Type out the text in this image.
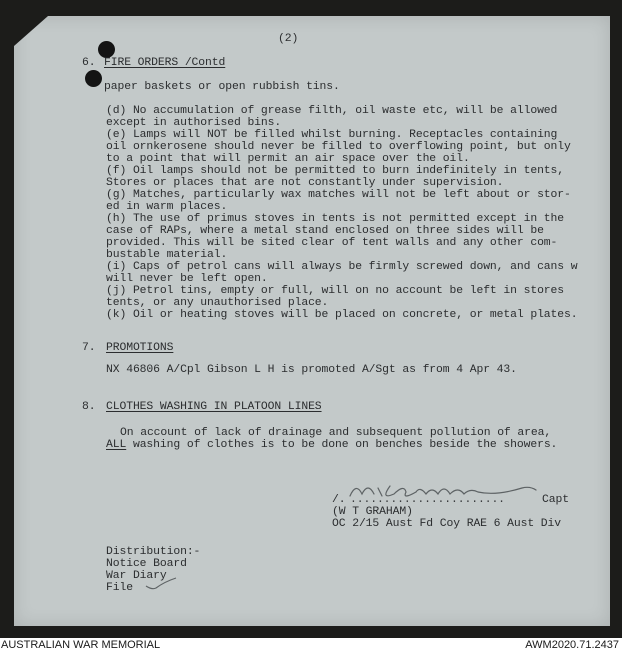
(2)
6. FIRE ORDERS /Contd
paper baskets or open rubbish tins.
(d) No accumulation of grease filth, oil waste etc, will be allowed
except in authorised bins.
(e) Lamps will NOT be filled whilst burning. Receptacles containing
oil ornkerosene should never be filled to overflowing point, but only
to a point that will permit an air space over the oil.
(f) Oil lamps should not be permitted to burn indefinitely in tents,
Stores or places that are not constantly under supervision.
(g) Matches, particularly wax matches will not be left about or stor-
ed in warm places.
(h) The use of primus stoves in tents is not permitted except in the
case of RAPs, where a metal stand enclosed on three sides will be
provided. This will be sited clear of tent walls and any other com-
bustable material.
(i) Caps of petrol cans will always be firmly screwed down, and cans w
will never be left open.
(j) Petrol tins, empty or full, will on no account be left in stores
tents, or any unauthorised place.
(k) Oil or heating stoves will be placed on concrete, or metal plates.
7. PROMOTIONS
NX 46806 A/Cpl Gibson L H is promoted A/Sgt as from 4 Apr 43.
8. CLOTHES WASHING IN PLATOON LINES
On account of lack of drainage and subsequent pollution of area,
ALL washing of clothes is to be done on benches beside the showers.
/. .......................	Capt
(W T GRAHAM)
OC 2/15 Aust Fd Coy RAE 6 Aust Div
Distribution:-
Notice Board
War Diary
File
AUSTRALIAN WAR MEMORIAL	AWM2020.71.2437
